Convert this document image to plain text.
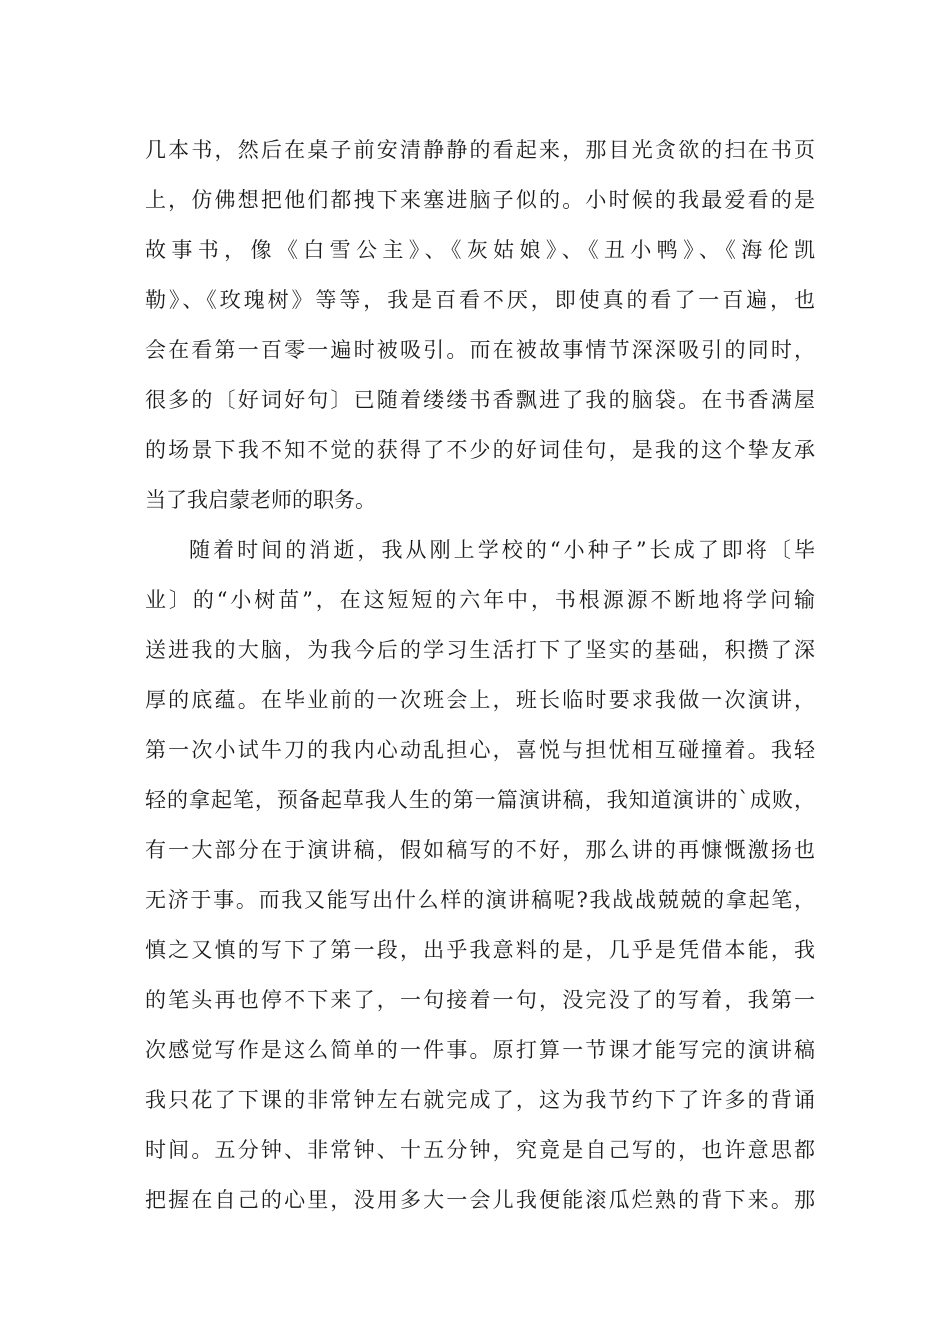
几本书，然后在桌子前安清静静的看起来，那目光贪欲的扫在书页
上，仿佛想把他们都拽下来塞进脑子似的。小时候的我最爱看的是
故事书，像《白雪公主》、《灰姑娘》、《丑小鸭》、《海伦凯
勒》、《玫瑰树》等等，我是百看不厌，即使真的看了一百遍，也
会在看第一百零一遍时被吸引。而在被故事情节深深吸引的同时，
很多的〔好词好句〕已随着缕缕书香飘进了我的脑袋。在书香满屋
的场景下我不知不觉的获得了不少的好词佳句，是我的这个挚友承
当了我启蒙老师的职务。
随着时间的消逝，我从刚上学校的“小种子”长成了即将〔毕
业〕的“小树苗”，在这短短的六年中，书根源源不断地将学问输
送进我的大脑，为我今后的学习生活打下了坚实的基础，积攒了深
厚的底蕴。在毕业前的一次班会上，班长临时要求我做一次演讲，
第一次小试牛刀的我内心动乱担心，喜悦与担忧相互碰撞着。我轻
轻的拿起笔，预备起草我人生的第一篇演讲稿，我知道演讲的`成败，
有一大部分在于演讲稿，假如稿写的不好，那么讲的再慷慨激扬也
无济于事。而我又能写出什么样的演讲稿呢?我战战兢兢的拿起笔，
慎之又慎的写下了第一段，出乎我意料的是，几乎是凭借本能，我
的笔头再也停不下来了，一句接着一句，没完没了的写着，我第一
次感觉写作是这么简单的一件事。原打算一节课才能写完的演讲稿
我只花了下课的非常钟左右就完成了，这为我节约下了许多的背诵
时间。五分钟、非常钟、十五分钟，究竟是自己写的，也许意思都
把握在自己的心里，没用多大一会儿我便能滚瓜烂熟的背下来。那
